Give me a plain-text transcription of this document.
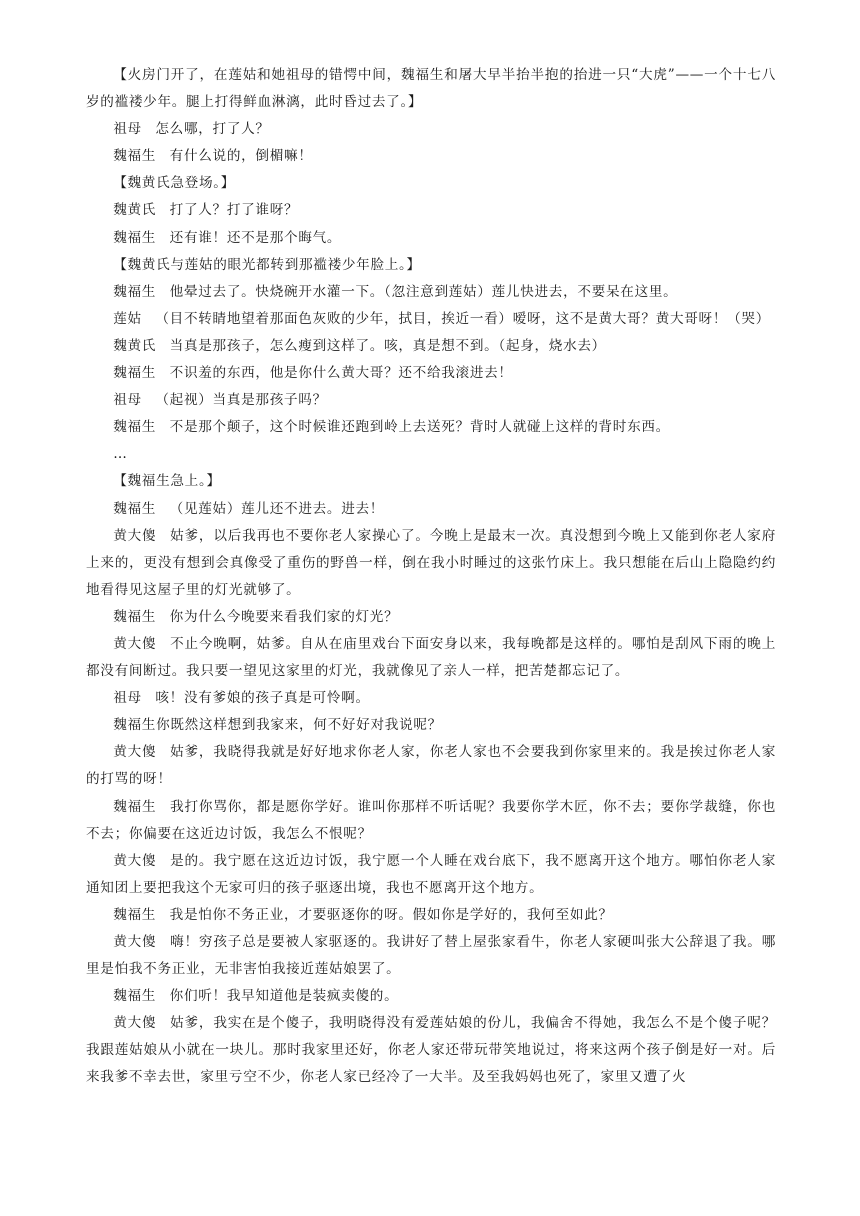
【火房门开了，在莲姑和她祖母的错愕中间，魏福生和屠大早半抬半抱的抬进一只“大虎”——一个十七八岁的褴褛少年。腿上打得鲜血淋漓，此时昏过去了。】

祖母 怎么哪，打了人？

魏福生 有什么说的，倒楣嘛！

【魏黄氏急登场。】

魏黄氏 打了人？打了谁呀？

魏福生 还有谁！还不是那个晦气。

【魏黄氏与莲姑的眼光都转到那褴褛少年脸上。】

魏福生 他晕过去了。快烧碗开水灌一下。（忽注意到莲姑）莲儿快进去，不要呆在这里。

莲姑 （目不转睛地望着那面色灰败的少年，拭目，挨近一看）嗳呀，这不是黄大哥？黄大哥呀！（哭）

魏黄氏 当真是那孩子，怎么瘦到这样了。咳，真是想不到。（起身，烧水去）

魏福生 不识羞的东西，他是你什么黄大哥？还不给我滚进去！

祖母 （起视）当真是那孩子吗？

魏福生 不是那个颠子，这个时候谁还跑到岭上去送死？背时人就碰上这样的背时东西。

…

【魏福生急上。】

魏福生 （见莲姑）莲儿还不进去。进去！

黄大傻 姑爹，以后我再也不要你老人家操心了。今晚上是最末一次。真没想到今晚上又能到你老人家府上来的，更没有想到会真像受了重伤的野兽一样，倒在我小时睡过的这张竹床上。我只想能在后山上隐隐约约地看得见这屋子里的灯光就够了。

魏福生 你为什么今晚要来看我们家的灯光？

黄大傻 不止今晚啊，姑爹。自从在庙里戏台下面安身以来，我每晚都是这样的。哪怕是刮风下雨的晚上都没有间断过。我只要一望见这家里的灯光，我就像见了亲人一样，把苦楚都忘记了。

祖母 咳！没有爹娘的孩子真是可怜啊。

魏福生你既然这样想到我家来，何不好好对我说呢？

黄大傻 姑爹，我晓得我就是好好地求你老人家，你老人家也不会要我到你家里来的。我是挨过你老人家的打骂的呀！

魏福生 我打你骂你，都是愿你学好。谁叫你那样不听话呢？我要你学木匠，你不去；要你学裁缝，你也不去；你偏要在这近边讨饭，我怎么不恨呢？

黄大傻 是的。我宁愿在这近边讨饭，我宁愿一个人睡在戏台底下，我不愿离开这个地方。哪怕你老人家通知团上要把我这个无家可归的孩子驱逐出境，我也不愿离开这个地方。

魏福生 我是怕你不务正业，才要驱逐你的呀。假如你是学好的，我何至如此？

黄大傻 嗨！穷孩子总是要被人家驱逐的。我讲好了替上屋张家看牛，你老人家硬叫张大公辞退了我。哪里是怕我不务正业，无非害怕我接近莲姑娘罢了。

魏福生 你们听！我早知道他是装疯卖傻的。

黄大傻 姑爹，我实在是个傻子，我明晓得没有爱莲姑娘的份儿，我偏舍不得她，我怎么不是个傻子呢？我跟莲姑娘从小就在一块儿。那时我家里还好，你老人家还带玩带笑地说过，将来这两个孩子倒是好一对。后来我爹不幸去世，家里亏空不少，你老人家已经冷了一大半。及至我妈妈也死了，家里又遭了火
